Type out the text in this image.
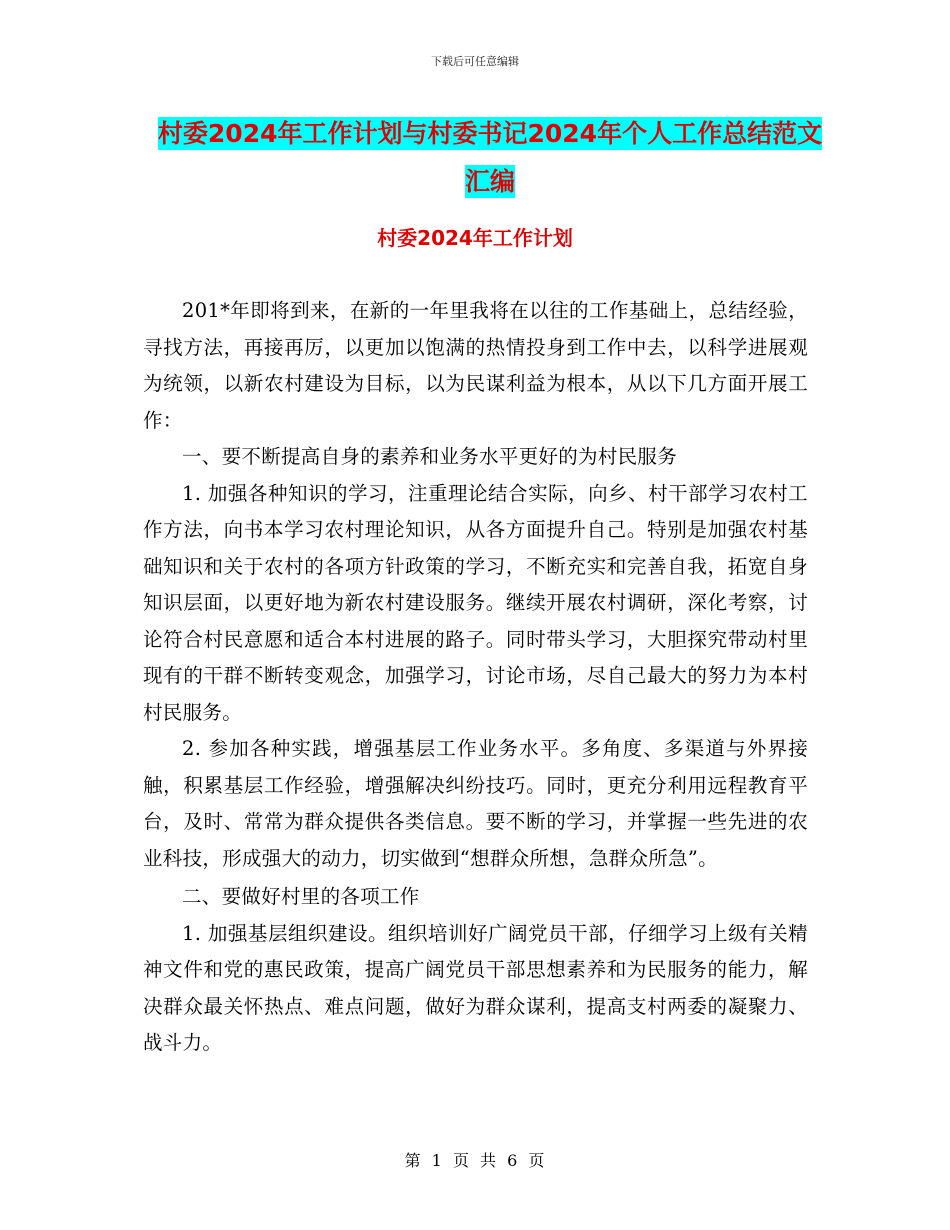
下载后可任意编辑
村委2024年工作计划与村委书记2024年个人工作总结范文汇编
村委2024年工作计划

201*年即将到来，在新的一年里我将在以往的工作基础上，总结经验，寻找方法，再接再厉，以更加以饱满的热情投身到工作中去，以科学进展观为统领，以新农村建设为目标，以为民谋利益为根本，从以下几方面开展工作：

一、要不断提高自身的素养和业务水平更好的为村民服务

1. 加强各种知识的学习，注重理论结合实际，向乡、村干部学习农村工作方法，向书本学习农村理论知识，从各方面提升自己。特别是加强农村基础知识和关于农村的各项方针政策的学习，不断充实和完善自我，拓宽自身知识层面，以更好地为新农村建设服务。继续开展农村调研，深化考察，讨论符合村民意愿和适合本村进展的路子。同时带头学习，大胆探究带动村里现有的干群不断转变观念，加强学习，讨论市场，尽自己最大的努力为本村村民服务。

2. 参加各种实践，增强基层工作业务水平。多角度、多渠道与外界接触，积累基层工作经验，增强解决纠纷技巧。同时，更充分利用远程教育平台，及时、常常为群众提供各类信息。要不断的学习，并掌握一些先进的农业科技，形成强大的动力，切实做到“想群众所想，急群众所急”。

二、要做好村里的各项工作

1. 加强基层组织建设。组织培训好广阔党员干部，仔细学习上级有关精神文件和党的惠民政策，提高广阔党员干部思想素养和为民服务的能力，解决群众最关怀热点、难点问题，做好为群众谋利，提高支村两委的凝聚力、战斗力。

第 1 页 共 6 页
